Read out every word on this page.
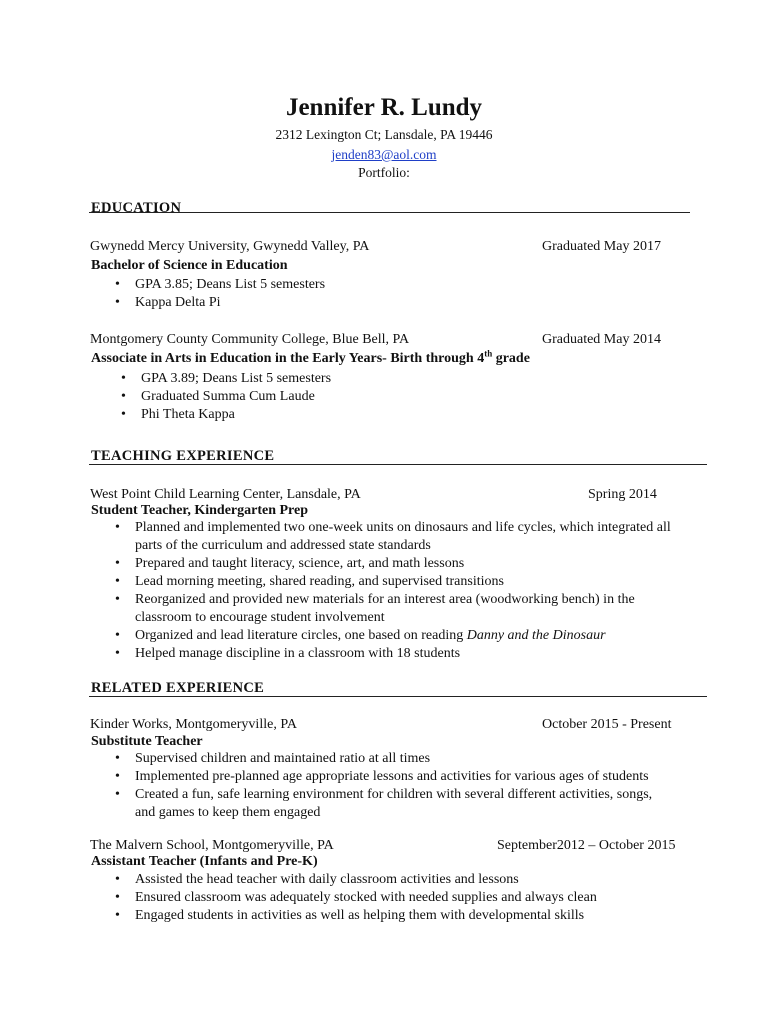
Jennifer R. Lundy
2312 Lexington Ct; Lansdale, PA 19446
jenden83@aol.com
Portfolio:
EDUCATION
Gwynedd Mercy University, Gwynedd Valley, PA	Graduated May 2017
Bachelor of Science in Education
• GPA 3.85; Deans List 5 semesters
• Kappa Delta Pi
Montgomery County Community College, Blue Bell, PA	Graduated May 2014
Associate in Arts in Education in the Early Years- Birth through 4th grade
• GPA 3.89; Deans List 5 semesters
• Graduated Summa Cum Laude
• Phi Theta Kappa
TEACHING EXPERIENCE
West Point Child Learning Center, Lansdale, PA	Spring 2014
Student Teacher, Kindergarten Prep
• Planned and implemented two one-week units on dinosaurs and life cycles, which integrated all parts of the curriculum and addressed state standards
• Prepared and taught literacy, science, art, and math lessons
• Lead morning meeting, shared reading, and supervised transitions
• Reorganized and provided new materials for an interest area (woodworking bench) in the classroom to encourage student involvement
• Organized and lead literature circles, one based on reading Danny and the Dinosaur
• Helped manage discipline in a classroom with 18 students
RELATED EXPERIENCE
Kinder Works, Montgomeryville, PA	October 2015 - Present
Substitute Teacher
• Supervised children and maintained ratio at all times
• Implemented pre-planned age appropriate lessons and activities for various ages of students
• Created a fun, safe learning environment for children with several different activities, songs, and games to keep them engaged
The Malvern School, Montgomeryville, PA	September2012 – October 2015
Assistant Teacher (Infants and Pre-K)
• Assisted the head teacher with daily classroom activities and lessons
• Ensured classroom was adequately stocked with needed supplies and always clean
• Engaged students in activities as well as helping them with developmental skills
